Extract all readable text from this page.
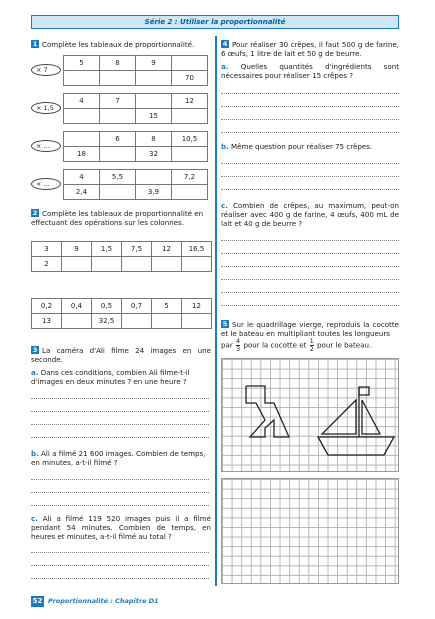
Série 2 : Utiliser la proportionnalité
1 Complète les tableaux de proportionnalité.
5	8	9	
			70
× 7
4	7		12
		15	
× 1,5
	6	8	10,5
18		32	
× ...
4	5,5		7,2
2,4		3,9	
× ...
2 Complète les tableaux de proportionnalité en effectuant des opérations sur les colonnes.
3	9	1,5	7,5	12	16,5
2					
0,2	0,4	0,5	0,7	5	12
13		32,5			
3 La caméra d'Ali filme 24 images en une seconde.
a. Dans ces conditions, combien Ali filme-t-il d'images en deux minutes ? en une heure ?
b. Ali a filmé 21 600 images. Combien de temps, en minutes, a-t-il filmé ?
c. Ali a filmé 119 520 images puis il a filmé pendant 54 minutes. Combien de temps, en heures et minutes, a-t-il filmé au total ?
4 Pour réaliser 30 crêpes, il faut 500 g de farine, 6 œufs, 1 litre de lait et 50 g de beurre.
a. Quelles quantités d'ingrédients sont nécessaires pour réaliser 15 crêpes ?
b. Même question pour réaliser 75 crêpes.
c. Combien de crêpes, au maximum, peut-on réaliser avec 400 g de farine, 4 œufs, 400 mL de lait et 40 g de beurre ?
5 Sur le quadrillage vierge, reproduis la cocotte et le bateau en multipliant toutes les longueurs
par $\frac{4}{3}$ pour la cocotte et $\frac{1}{2}$ pour le bateau.
52 Proportionnalité : Chapitre D1
